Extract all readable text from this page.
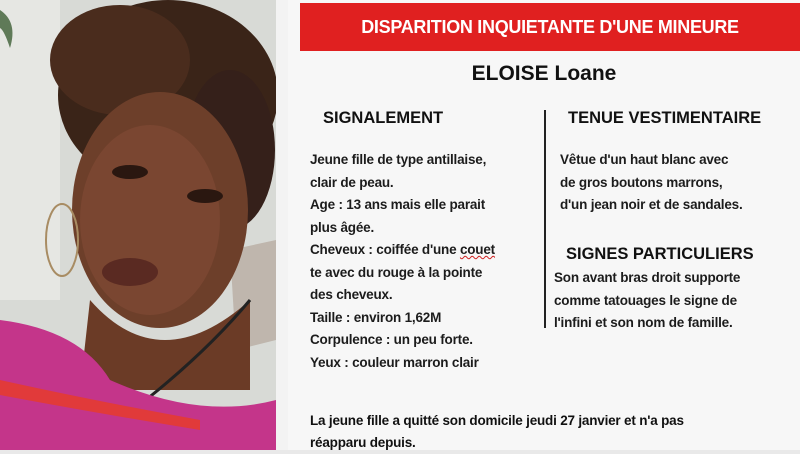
DISPARITION INQUIETANTE D'UNE MINEURE
ELOISE Loane
SIGNALEMENT	TENUE VESTIMENTAIRE

Jeune fille de type antillaise,

clair de peau.

Age : 13 ans mais elle parait

plus âgée.

Cheveux : coiffée d'une couet

te avec du rouge à la pointe

des cheveux.

Taille : environ 1,62M

Corpulence : un peu forte.

Yeux : couleur marron clair

Vêtue d'un haut blanc avec

de gros boutons marrons,

d'un jean noir et de sandales.

SIGNES PARTICULIERS

Son avant bras droit supporte

comme tatouages le signe de

l'infini et son nom de famille.

La jeune fille a quitté son domicile jeudi 27 janvier et n'a pas
réapparu depuis.
